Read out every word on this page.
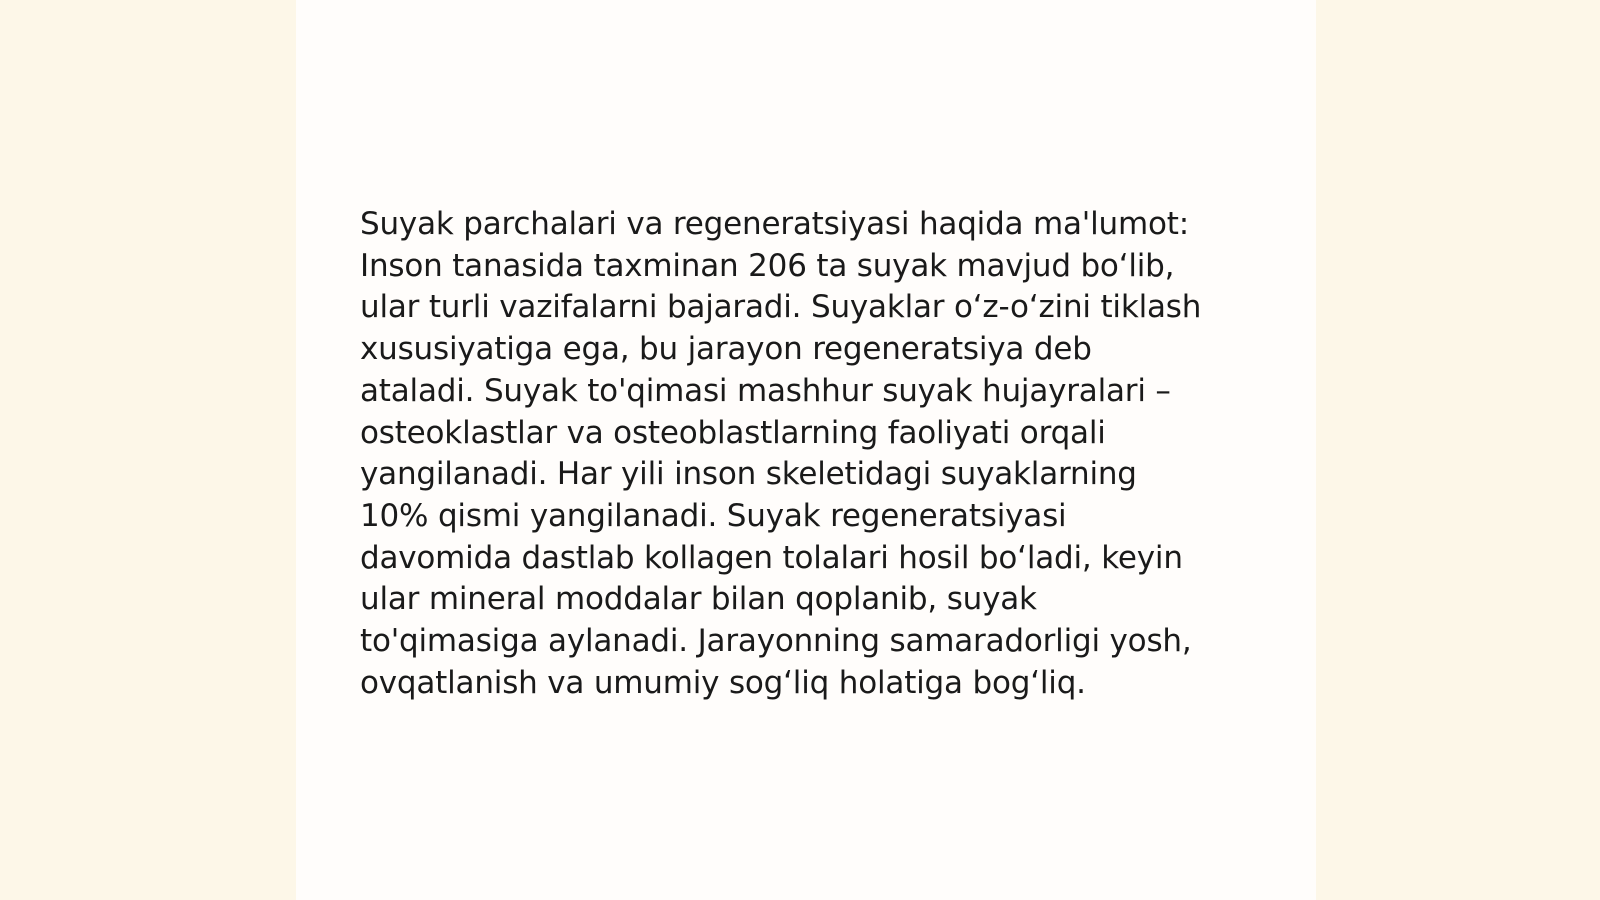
Suyak parchalari va regeneratsiyasi haqida ma'lumot:
Inson tanasida taxminan 206 ta suyak mavjud boʻlib,
ular turli vazifalarni bajaradi. Suyaklar oʻz-oʻzini tiklash
xususiyatiga ega, bu jarayon regeneratsiya deb
ataladi. Suyak to'qimasi mashhur suyak hujayralari –
osteoklastlar va osteoblastlarning faoliyati orqali
yangilanadi. Har yili inson skeletidagi suyaklarning
10% qismi yangilanadi. Suyak regeneratsiyasi
davomida dastlab kollagen tolalari hosil boʻladi, keyin
ular mineral moddalar bilan qoplanib, suyak
to'qimasiga aylanadi. Jarayonning samaradorligi yosh,
ovqatlanish va umumiy sogʻliq holatiga bogʻliq.
